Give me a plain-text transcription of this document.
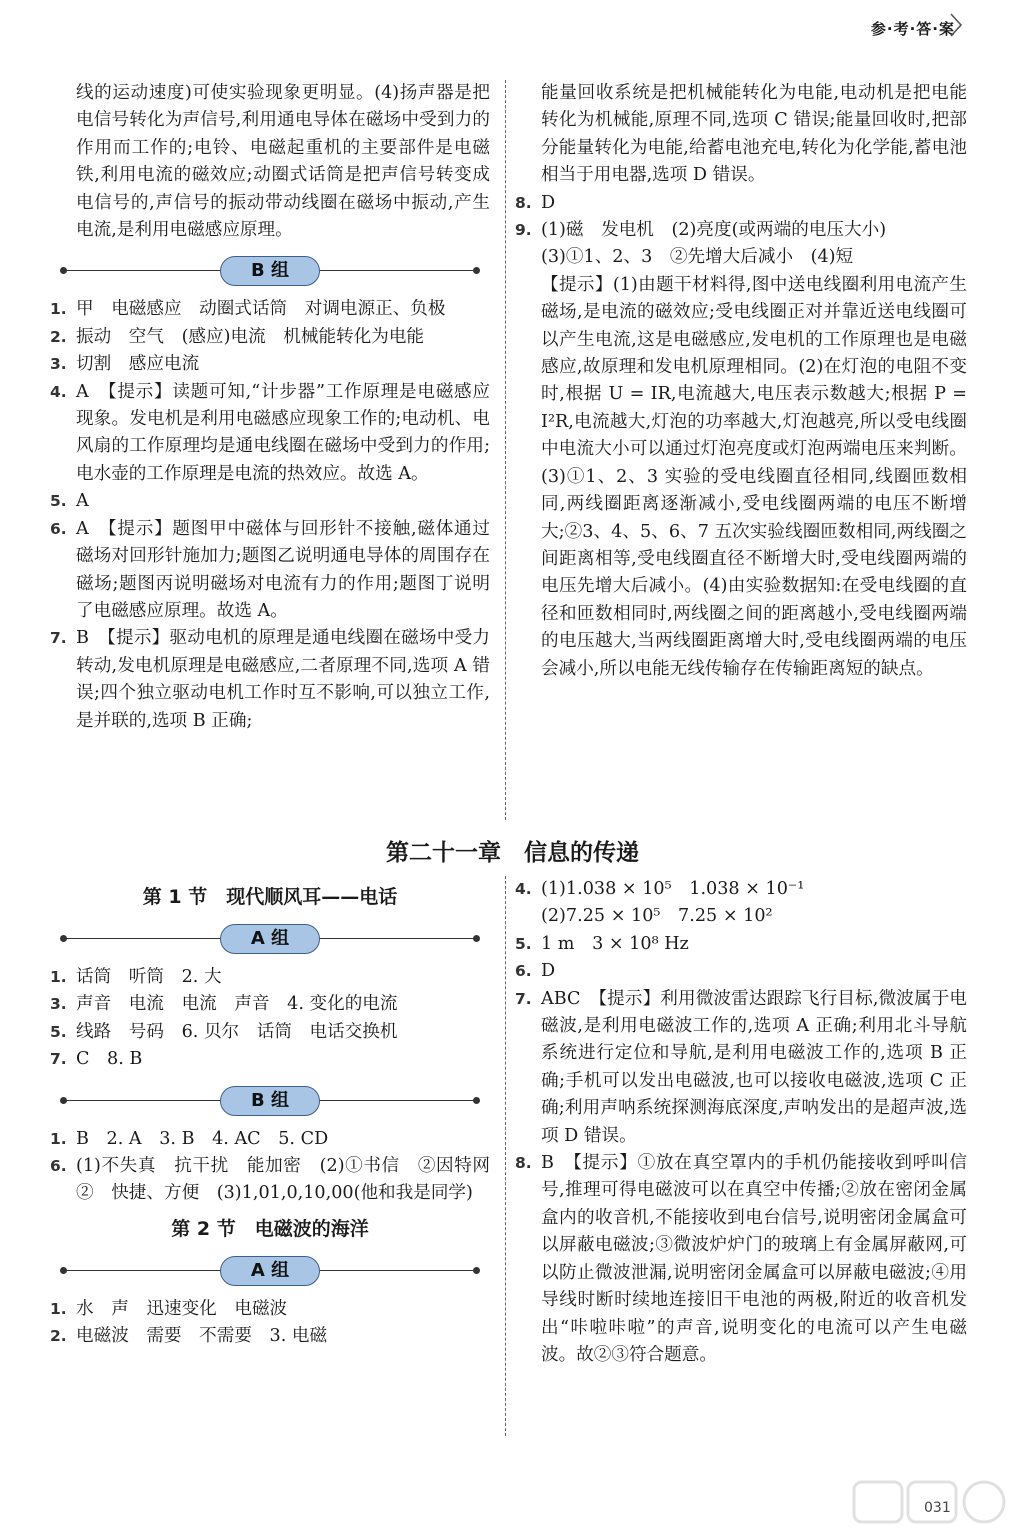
参·考·答·案

线的运动速度)可使实验现象更明显。(4)扬声器是把电信号转化为声信号,利用通电导体在磁场中受到力的作用而工作的;电铃、电磁起重机的主要部件是电磁铁,利用电流的磁效应;动圈式话筒是把声信号转变成电信号的,声信号的振动带动线圈在磁场中振动,产生电流,是利用电磁感应原理。

B 组
1. 甲　电磁感应　动圈式话筒　对调电源正、负极
2. 振动　空气　(感应)电流　机械能转化为电能
3. 切割　感应电流
4. A　【提示】读题可知,“计步器”工作原理是电磁感应现象。发电机是利用电磁感应现象工作的;电动机、电风扇的工作原理均是通电线圈在磁场中受到力的作用;电水壶的工作原理是电流的热效应。故选 A。
5. A
6. A　【提示】题图甲中磁体与回形针不接触,磁体通过磁场对回形针施加力;题图乙说明通电导体的周围存在磁场;题图丙说明磁场对电流有力的作用;题图丁说明了电磁感应原理。故选 A。
7. B　【提示】驱动电机的原理是通电线圈在磁场中受力转动,发电机原理是电磁感应,二者原理不同,选项 A 错误;四个独立驱动电机工作时互不影响,可以独立工作,是并联的,选项 B 正确;

能量回收系统是把机械能转化为电能,电动机是把电能转化为机械能,原理不同,选项 C 错误;能量回收时,把部分能量转化为电能,给蓄电池充电,转化为化学能,蓄电池相当于用电器,选项 D 错误。

8. D
9. (1)磁　发电机　(2)亮度(或两端的电压大小)
(3)①1、2、3　②先增大后减小　(4)短
【提示】(1)由题干材料得,图中送电线圈利用电流产生磁场,是电流的磁效应;受电线圈正对并靠近送电线圈可以产生电流,这是电磁感应,发电机的工作原理也是电磁感应,故原理和发电机原理相同。(2)在灯泡的电阻不变时,根据 U = IR,电流越大,电压表示数越大;根据 P = I²R,电流越大,灯泡的功率越大,灯泡越亮,所以受电线圈中电流大小可以通过灯泡亮度或灯泡两端电压来判断。(3)①1、2、3 实验的受电线圈直径相同,线圈匝数相同,两线圈距离逐渐减小,受电线圈两端的电压不断增大;②3、4、5、6、7 五次实验线圈匝数相同,两线圈之间距离相等,受电线圈直径不断增大时,受电线圈两端的电压先增大后减小。(4)由实验数据知:在受电线圈的直径和匝数相同时,两线圈之间的距离越小,受电线圈两端的电压越大,当两线圈距离增大时,受电线圈两端的电压会减小,所以电能无线传输存在传输距离短的缺点。
第二十一章　信息的传递
第 1 节　现代顺风耳——电话
A 组
1. 话筒　听筒　2. 大
3. 声音　电流　电流　声音　4. 变化的电流
5. 线路　号码　6. 贝尔　话筒　电话交换机
7. C　8. B
B 组
1. B　2. A　3. B　4. AC　5. CD
6. (1)不失真　抗干扰　能加密　(2)①书信　②因特网　②　快捷、方便　(3)1,01,0,10,00(他和我是同学)
第 2 节　电磁波的海洋
A 组
1. 水　声　迅速变化　电磁波
2. 电磁波　需要　不需要　3. 电磁
4. (1)1.038 × 10⁵　1.038 × 10⁻¹
(2)7.25 × 10⁵　7.25 × 10²
5. 1 m　3 × 10⁸ Hz
6. D
7. ABC　【提示】利用微波雷达跟踪飞行目标,微波属于电磁波,是利用电磁波工作的,选项 A 正确;利用北斗导航系统进行定位和导航,是利用电磁波工作的,选项 B 正确;手机可以发出电磁波,也可以接收电磁波,选项 C 正确;利用声呐系统探测海底深度,声呐发出的是超声波,选项 D 错误。
8. B　【提示】①放在真空罩内的手机仍能接收到呼叫信号,推理可得电磁波可以在真空中传播;②放在密闭金属盒内的收音机,不能接收到电台信号,说明密闭金属盒可以屏蔽电磁波;③微波炉炉门的玻璃上有金属屏蔽网,可以防止微波泄漏,说明密闭金属盒可以屏蔽电磁波;④用导线时断时续地连接旧干电池的两极,附近的收音机发出“咔啦咔啦”的声音,说明变化的电流可以产生电磁波。故②③符合题意。
031
